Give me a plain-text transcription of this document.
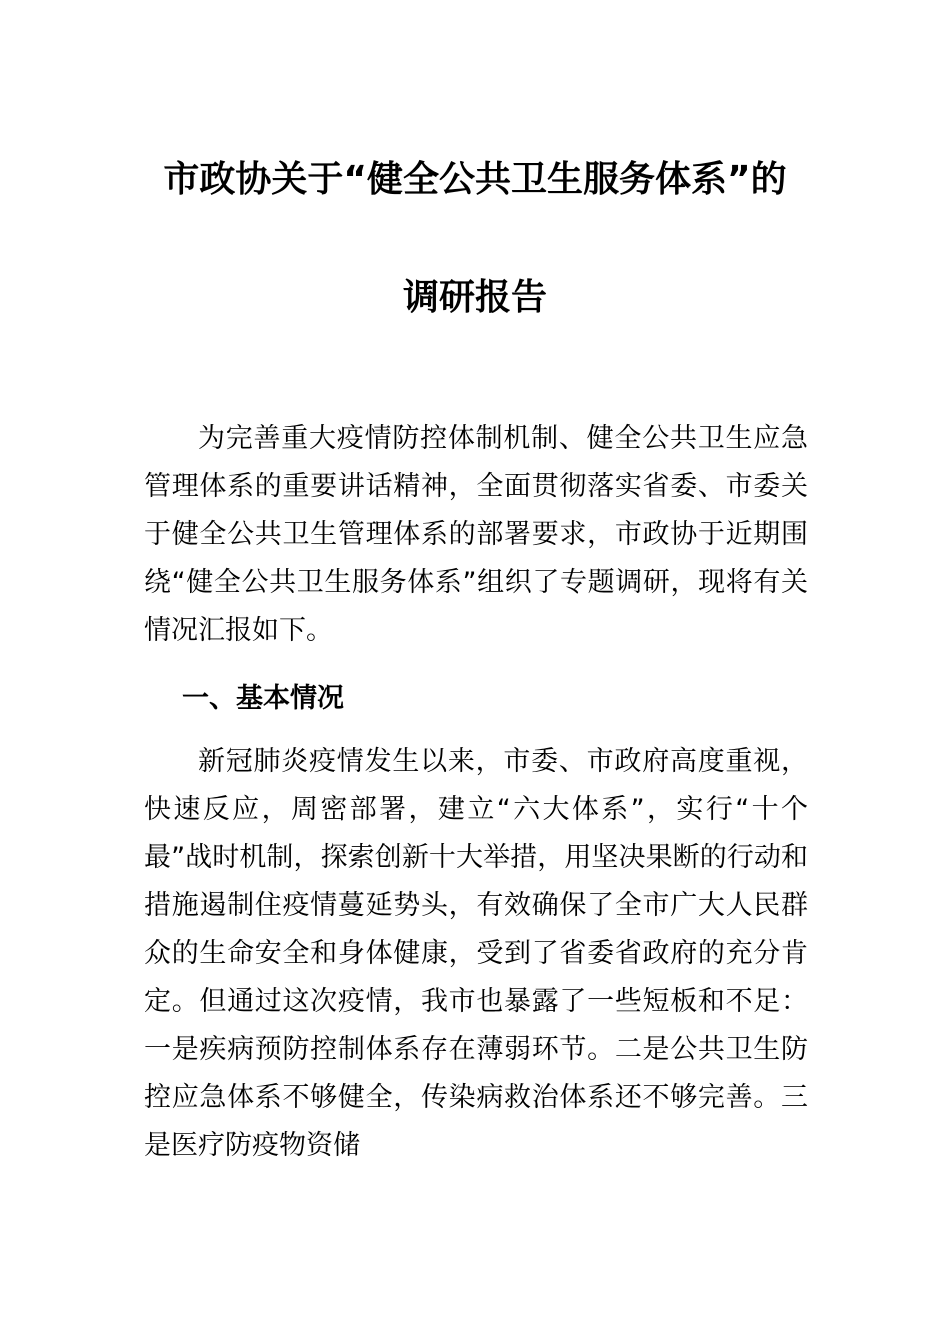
市政协关于“健全公共卫生服务体系”的
调研报告

为完善重大疫情防控体制机制、健全公共卫生应急管理体系的重要讲话精神，全面贯彻落实省委、市委关于健全公共卫生管理体系的部署要求，市政协于近期围绕“健全公共卫生服务体系”组织了专题调研，现将有关情况汇报如下。

一、基本情况

新冠肺炎疫情发生以来，市委、市政府高度重视，快速反应，周密部署，建立“六大体系”，实行“十个最”战时机制，探索创新十大举措，用坚决果断的行动和措施遏制住疫情蔓延势头，有效确保了全市广大人民群众的生命安全和身体健康，受到了省委省政府的充分肯定。但通过这次疫情，我市也暴露了一些短板和不足：一是疾病预防控制体系存在薄弱环节。二是公共卫生防控应急体系不够健全，传染病救治体系还不够完善。三是医疗防疫物资储
